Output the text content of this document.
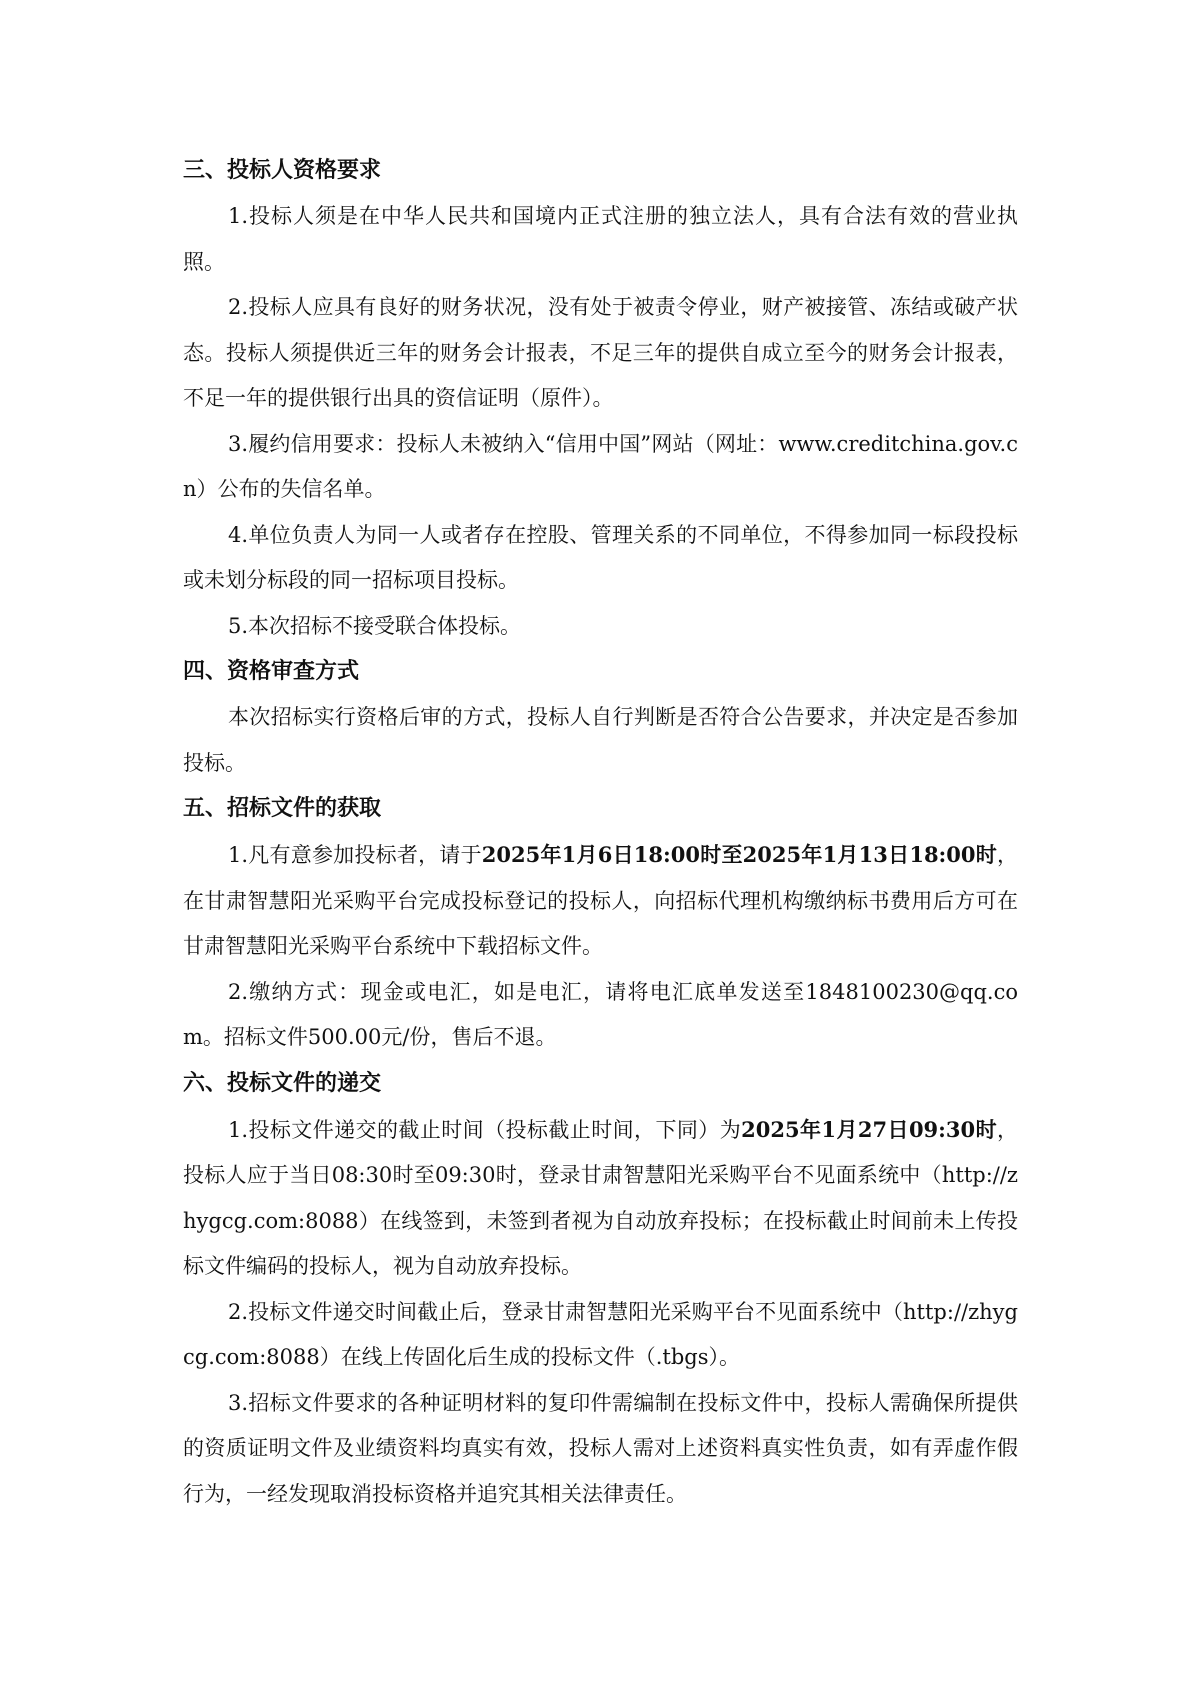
三、投标人资格要求

1.投标人须是在中华人民共和国境内正式注册的独立法人，具有合法有效的营业执照。

2.投标人应具有良好的财务状况，没有处于被责令停业，财产被接管、冻结或破产状态。投标人须提供近三年的财务会计报表，不足三年的提供自成立至今的财务会计报表，不足一年的提供银行出具的资信证明（原件）。

3.履约信用要求：投标人未被纳入“信用中国”网站（网址：www.creditchina.gov.cn）公布的失信名单。

4.单位负责人为同一人或者存在控股、管理关系的不同单位，不得参加同一标段投标或未划分标段的同一招标项目投标。

5.本次招标不接受联合体投标。

四、资格审查方式

本次招标实行资格后审的方式，投标人自行判断是否符合公告要求，并决定是否参加投标。

五、招标文件的获取

1.凡有意参加投标者，请于2025年1月6日18:00时至2025年1月13日18:00时，在甘肃智慧阳光采购平台完成投标登记的投标人，向招标代理机构缴纳标书费用后方可在甘肃智慧阳光采购平台系统中下载招标文件。

2.缴纳方式：现金或电汇，如是电汇，请将电汇底单发送至1848100230@qq.com。招标文件500.00元/份，售后不退。

六、投标文件的递交

1.投标文件递交的截止时间（投标截止时间，下同）为2025年1月27日09:30时，投标人应于当日08:30时至09:30时，登录甘肃智慧阳光采购平台不见面系统中（http://zhygcg.com:8088）在线签到，未签到者视为自动放弃投标；在投标截止时间前未上传投标文件编码的投标人，视为自动放弃投标。

2.投标文件递交时间截止后，登录甘肃智慧阳光采购平台不见面系统中（http://zhygcg.com:8088）在线上传固化后生成的投标文件（.tbgs）。

3.招标文件要求的各种证明材料的复印件需编制在投标文件中，投标人需确保所提供的资质证明文件及业绩资料均真实有效，投标人需对上述资料真实性负责，如有弄虚作假行为，一经发现取消投标资格并追究其相关法律责任。
